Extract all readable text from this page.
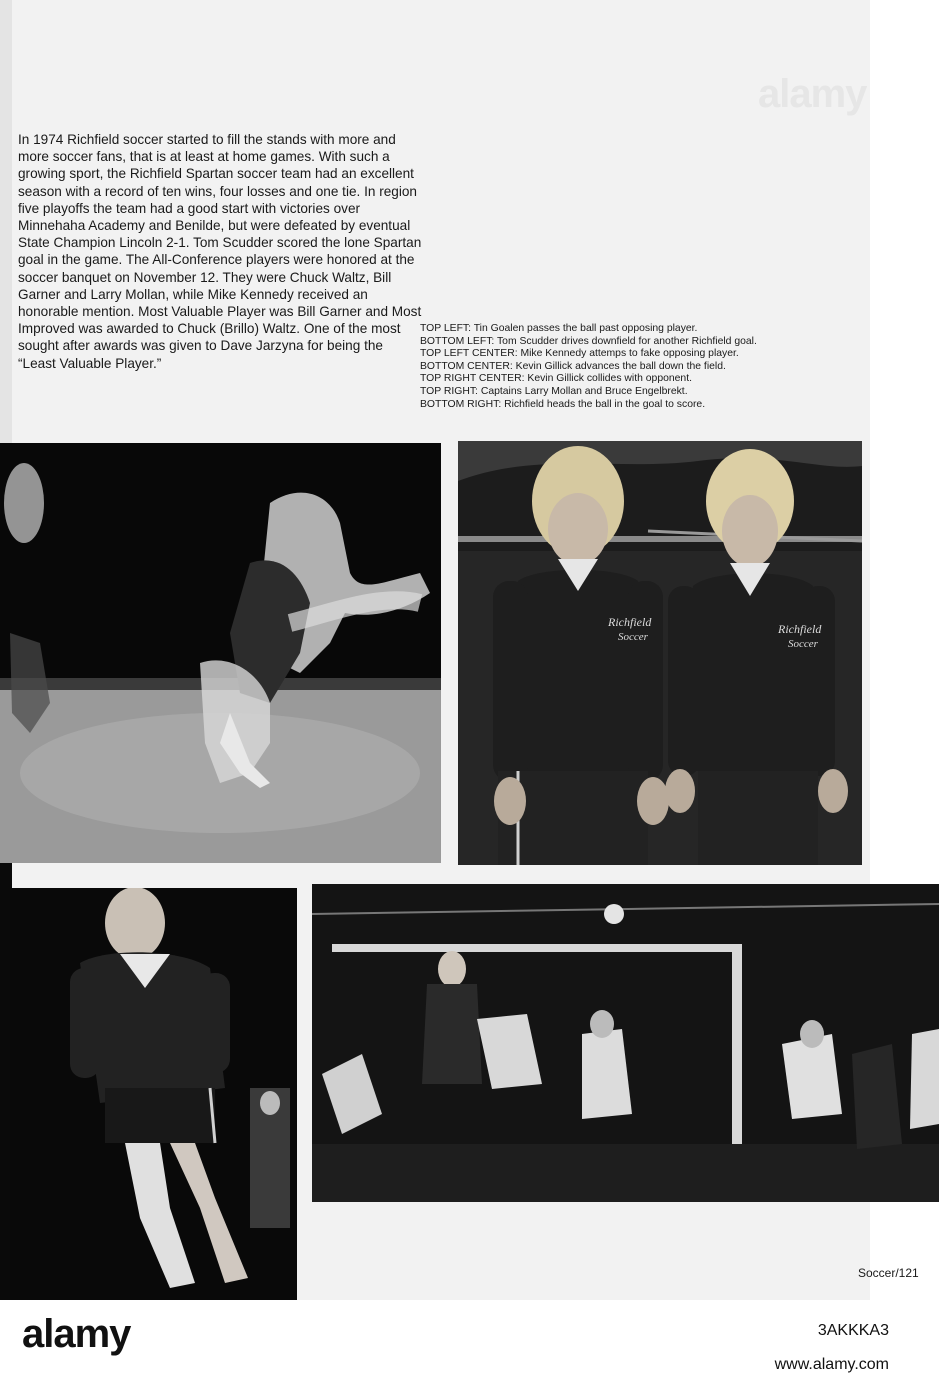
alamy

In 1974 Richfield soccer started to fill the stands with more and more soccer fans, that is at least at home games. With such a growing sport, the Richfield Spartan soccer team had an excellent season with a record of ten wins, four losses and one tie. In region five playoffs the team had a good start with victories over Minnehaha Academy and Benilde, but were defeated by eventual State Champion Lincoln 2-1. Tom Scudder scored the lone Spartan goal in the game. The All-Conference players were honored at the soccer banquet on November 12. They were Chuck Waltz, Bill Garner and Larry Mollan, while Mike Kennedy received an honorable mention. Most Valuable Player was Bill Garner and Most Improved was awarded to Chuck (Brillo) Waltz. One of the most sought after awards was given to Dave Jarzyna for being the “Least Valuable Player.”

TOP LEFT: Tin Goalen passes the ball past opposing player.
BOTTOM LEFT: Tom Scudder drives downfield for another Richfield goal.
TOP LEFT CENTER: Mike Kennedy attemps to fake opposing player.
BOTTOM CENTER: Kevin Gillick advances the ball down the field.
TOP RIGHT CENTER: Kevin Gillick collides with opponent.
TOP RIGHT: Captains Larry Mollan and Bruce Engelbrekt.
BOTTOM RIGHT: Richfield heads the ball in the goal to score.
Richfield
Soccer
Richfield
Soccer
Soccer/121
alamy	3AKKKA3
www.alamy.com
